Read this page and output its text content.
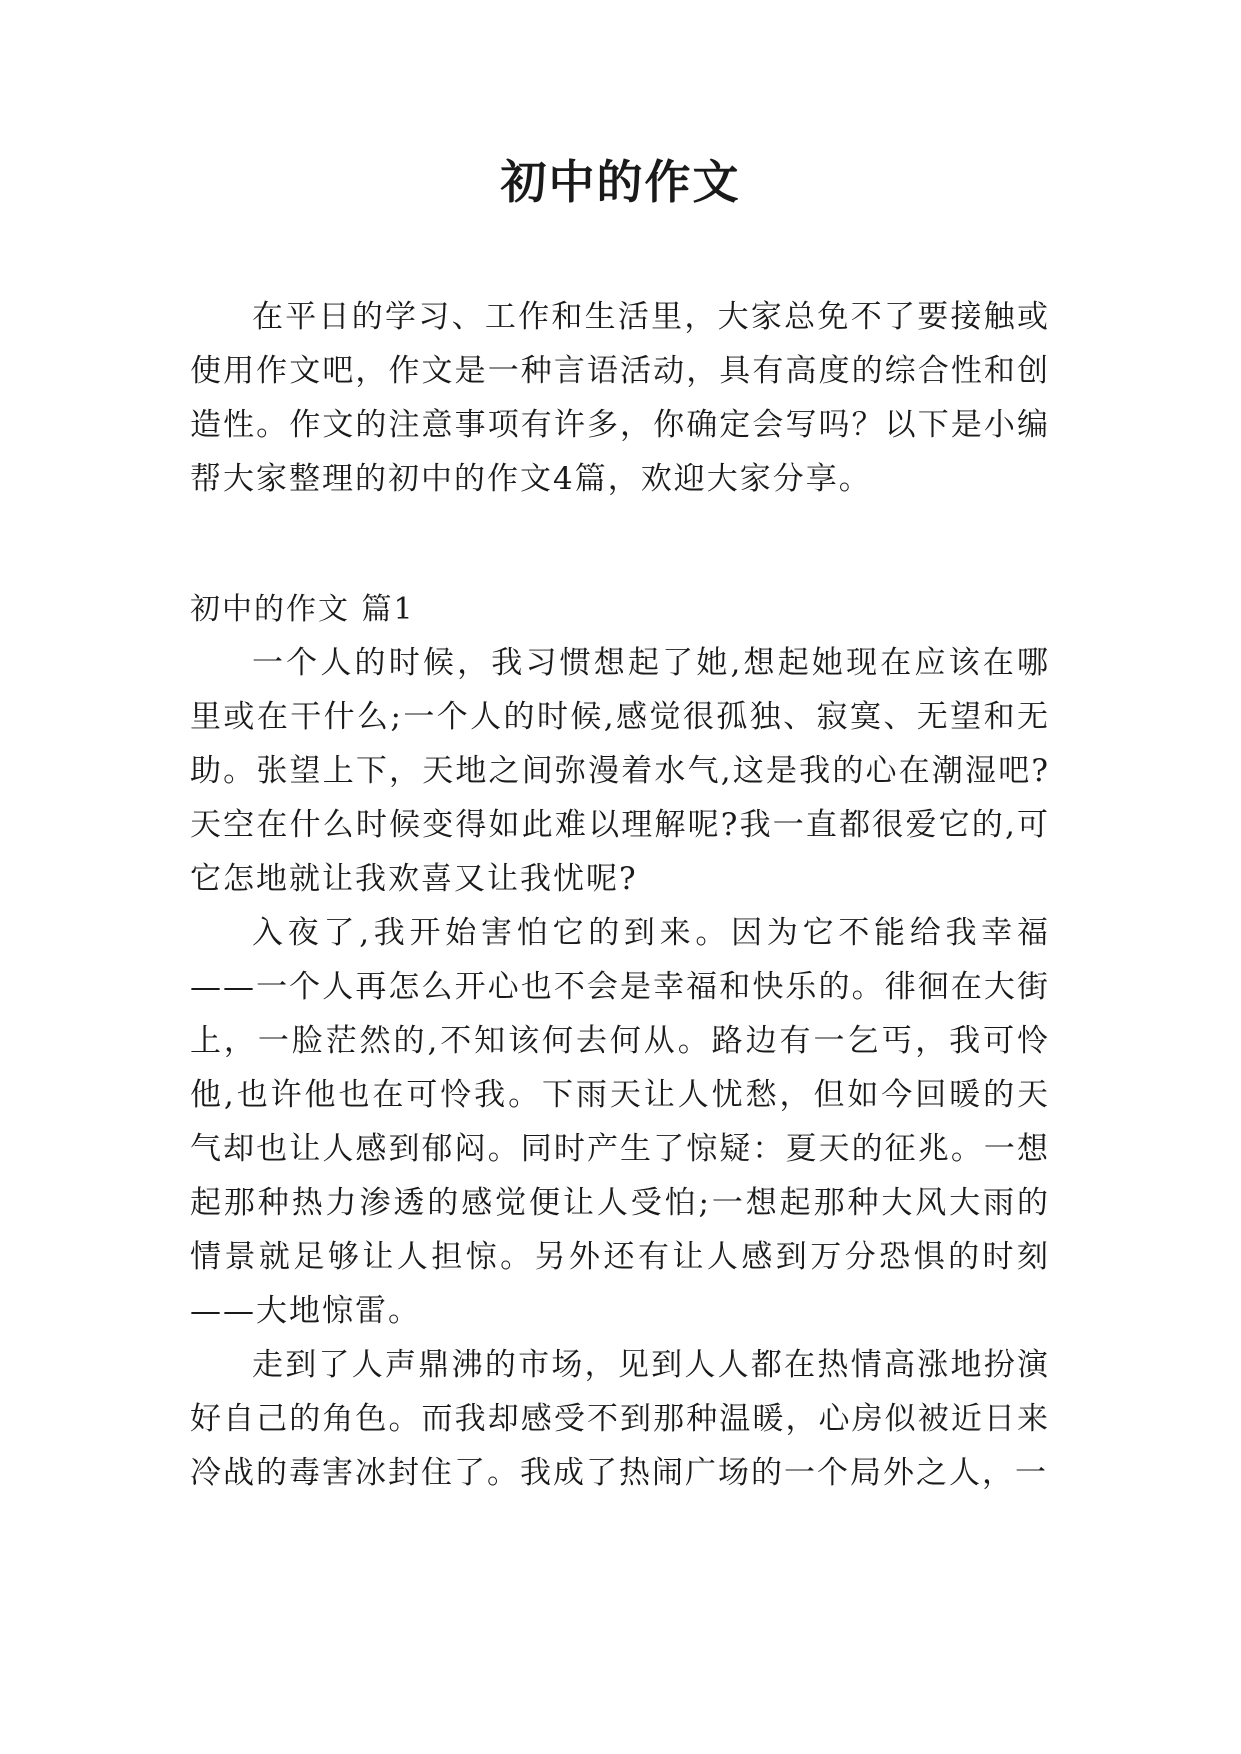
初中的作文

在平日的学习、工作和生活里，大家总免不了要接触或使用作文吧，作文是一种言语活动，具有高度的综合性和创造性。作文的注意事项有许多，你确定会写吗？以下是小编帮大家整理的初中的作文4篇，欢迎大家分享。

初中的作文 篇1

一个人的时候，我习惯想起了她,想起她现在应该在哪里或在干什么;一个人的时候,感觉很孤独、寂寞、无望和无助。张望上下，天地之间弥漫着水气,这是我的心在潮湿吧?天空在什么时候变得如此难以理解呢?我一直都很爱它的,可它怎地就让我欢喜又让我忧呢?

入夜了,我开始害怕它的到来。因为它不能给我幸福——一个人再怎么开心也不会是幸福和快乐的。徘徊在大街上，一脸茫然的,不知该何去何从。路边有一乞丐，我可怜他,也许他也在可怜我。下雨天让人忧愁，但如今回暖的天气却也让人感到郁闷。同时产生了惊疑：夏天的征兆。一想起那种热力渗透的感觉便让人受怕;一想起那种大风大雨的情景就足够让人担惊。另外还有让人感到万分恐惧的时刻——大地惊雷。

走到了人声鼎沸的市场，见到人人都在热情高涨地扮演好自己的角色。而我却感受不到那种温暖，心房似被近日来冷战的毒害冰封住了。我成了热闹广场的一个局外之人，一
